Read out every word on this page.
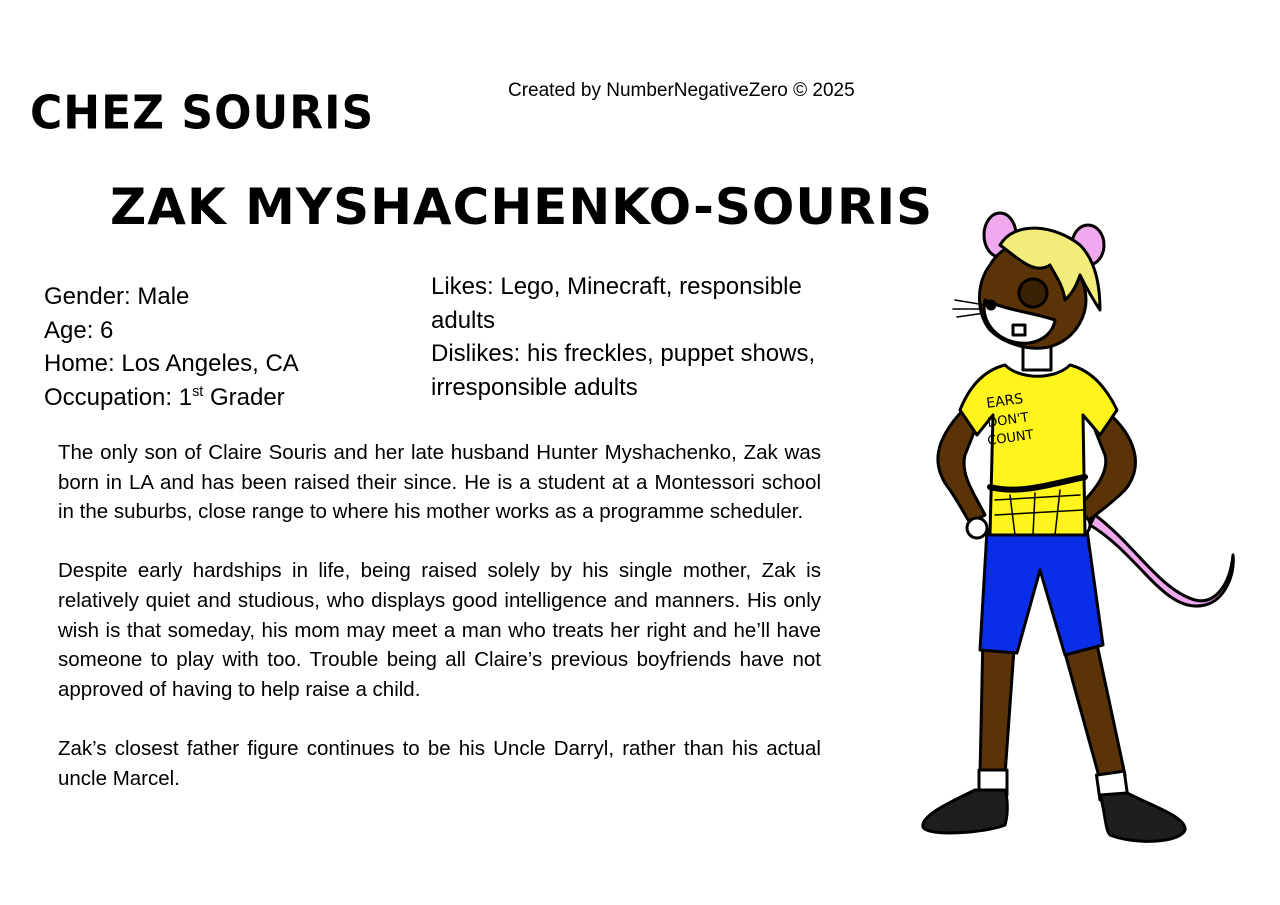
CHEZ SOURIS	Created by NumberNegativeZero © 2025
ZAK MYSHACHENKO-SOURIS
Gender: Male
Age: 6
Home: Los Angeles, CA
Occupation: 1st Grader
Likes: Lego, Minecraft, responsible adults
Dislikes: his freckles, puppet shows, irresponsible adults

The only son of Claire Souris and her late husband Hunter Myshachenko, Zak was born in LA and has been raised their since. He is a student at a Montessori school in the suburbs, close range to where his mother works as a programme scheduler.

Despite early hardships in life, being raised solely by his single mother, Zak is relatively quiet and studious, who displays good intelligence and manners. His only wish is that someday, his mom may meet a man who treats her right and he’ll have someone to play with too. Trouble being all Claire’s previous boyfriends have not approved of having to help raise a child.

Zak’s closest father figure continues to be his Uncle Darryl, rather than his actual uncle Marcel.

EARS
DON'T
COUNT
